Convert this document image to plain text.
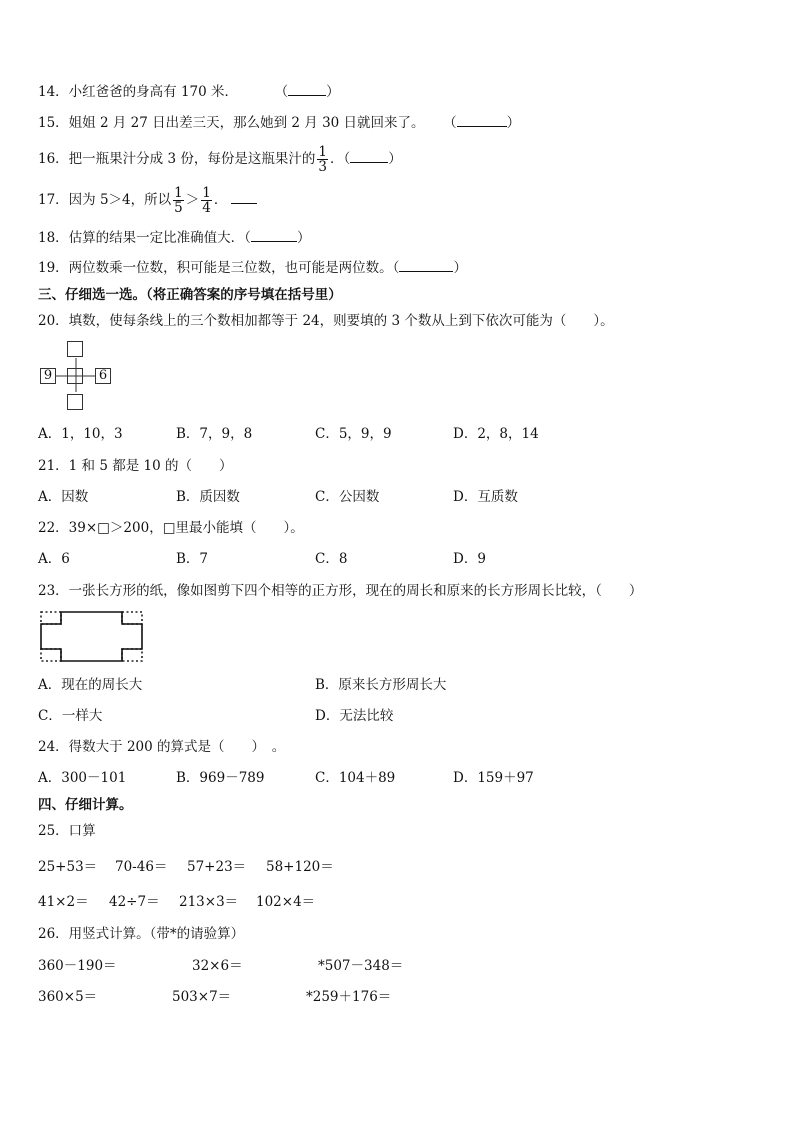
14．小红爸爸的身高有 170 米．	（	）
15．姐姐 2 月 27 日出差三天，那么她到 2 月 30 日就回来了。 （	）
16．把一瓶果汁分成 3 份，每份是这瓶果汁的 $\frac{1}{3}$ ．（	）
17．因为 5＞4，所以 $\frac{1}{5} > \frac{1}{4}$ ．
18．估算的结果一定比准确值大．（	）
19．两位数乘一位数，积可能是三位数，也可能是两位数。（	）
三、仔细选一选。（将正确答案的序号填在括号里）
20．填数，使每条线上的三个数相加都等于 24，则要填的 3 个数从上到下依次可能为（　　）。
9	6
A．1，10，3	B．7，9，8	C．5，9，9	D．2，8，14
21．1 和 5 都是 10 的（　　）
A．因数	B．质因数	C．公因数	D．互质数
22．39×□＞200，□里最小能填（　　）。
A．6	B．7	C．8	D．9
23．一张长方形的纸，像如图剪下四个相等的正方形，现在的周长和原来的长方形周长比较，（　　）
A．现在的周长大	B．原来长方形周长大
C．一样大	D．无法比较
24．得数大于 200 的算式是（　　）　。
A．300－101	B．969－789	C．104＋89	D．159＋97
四、仔细计算。
25．口算
25+53＝ 70-46＝ 57+23＝ 58+120＝
41×2＝ 42÷7＝ 213×3＝ 102×4＝
26．用竖式计算。（带*的请验算）
360－190＝	32×6＝	*507－348＝
360×5＝	503×7＝	*259＋176＝
